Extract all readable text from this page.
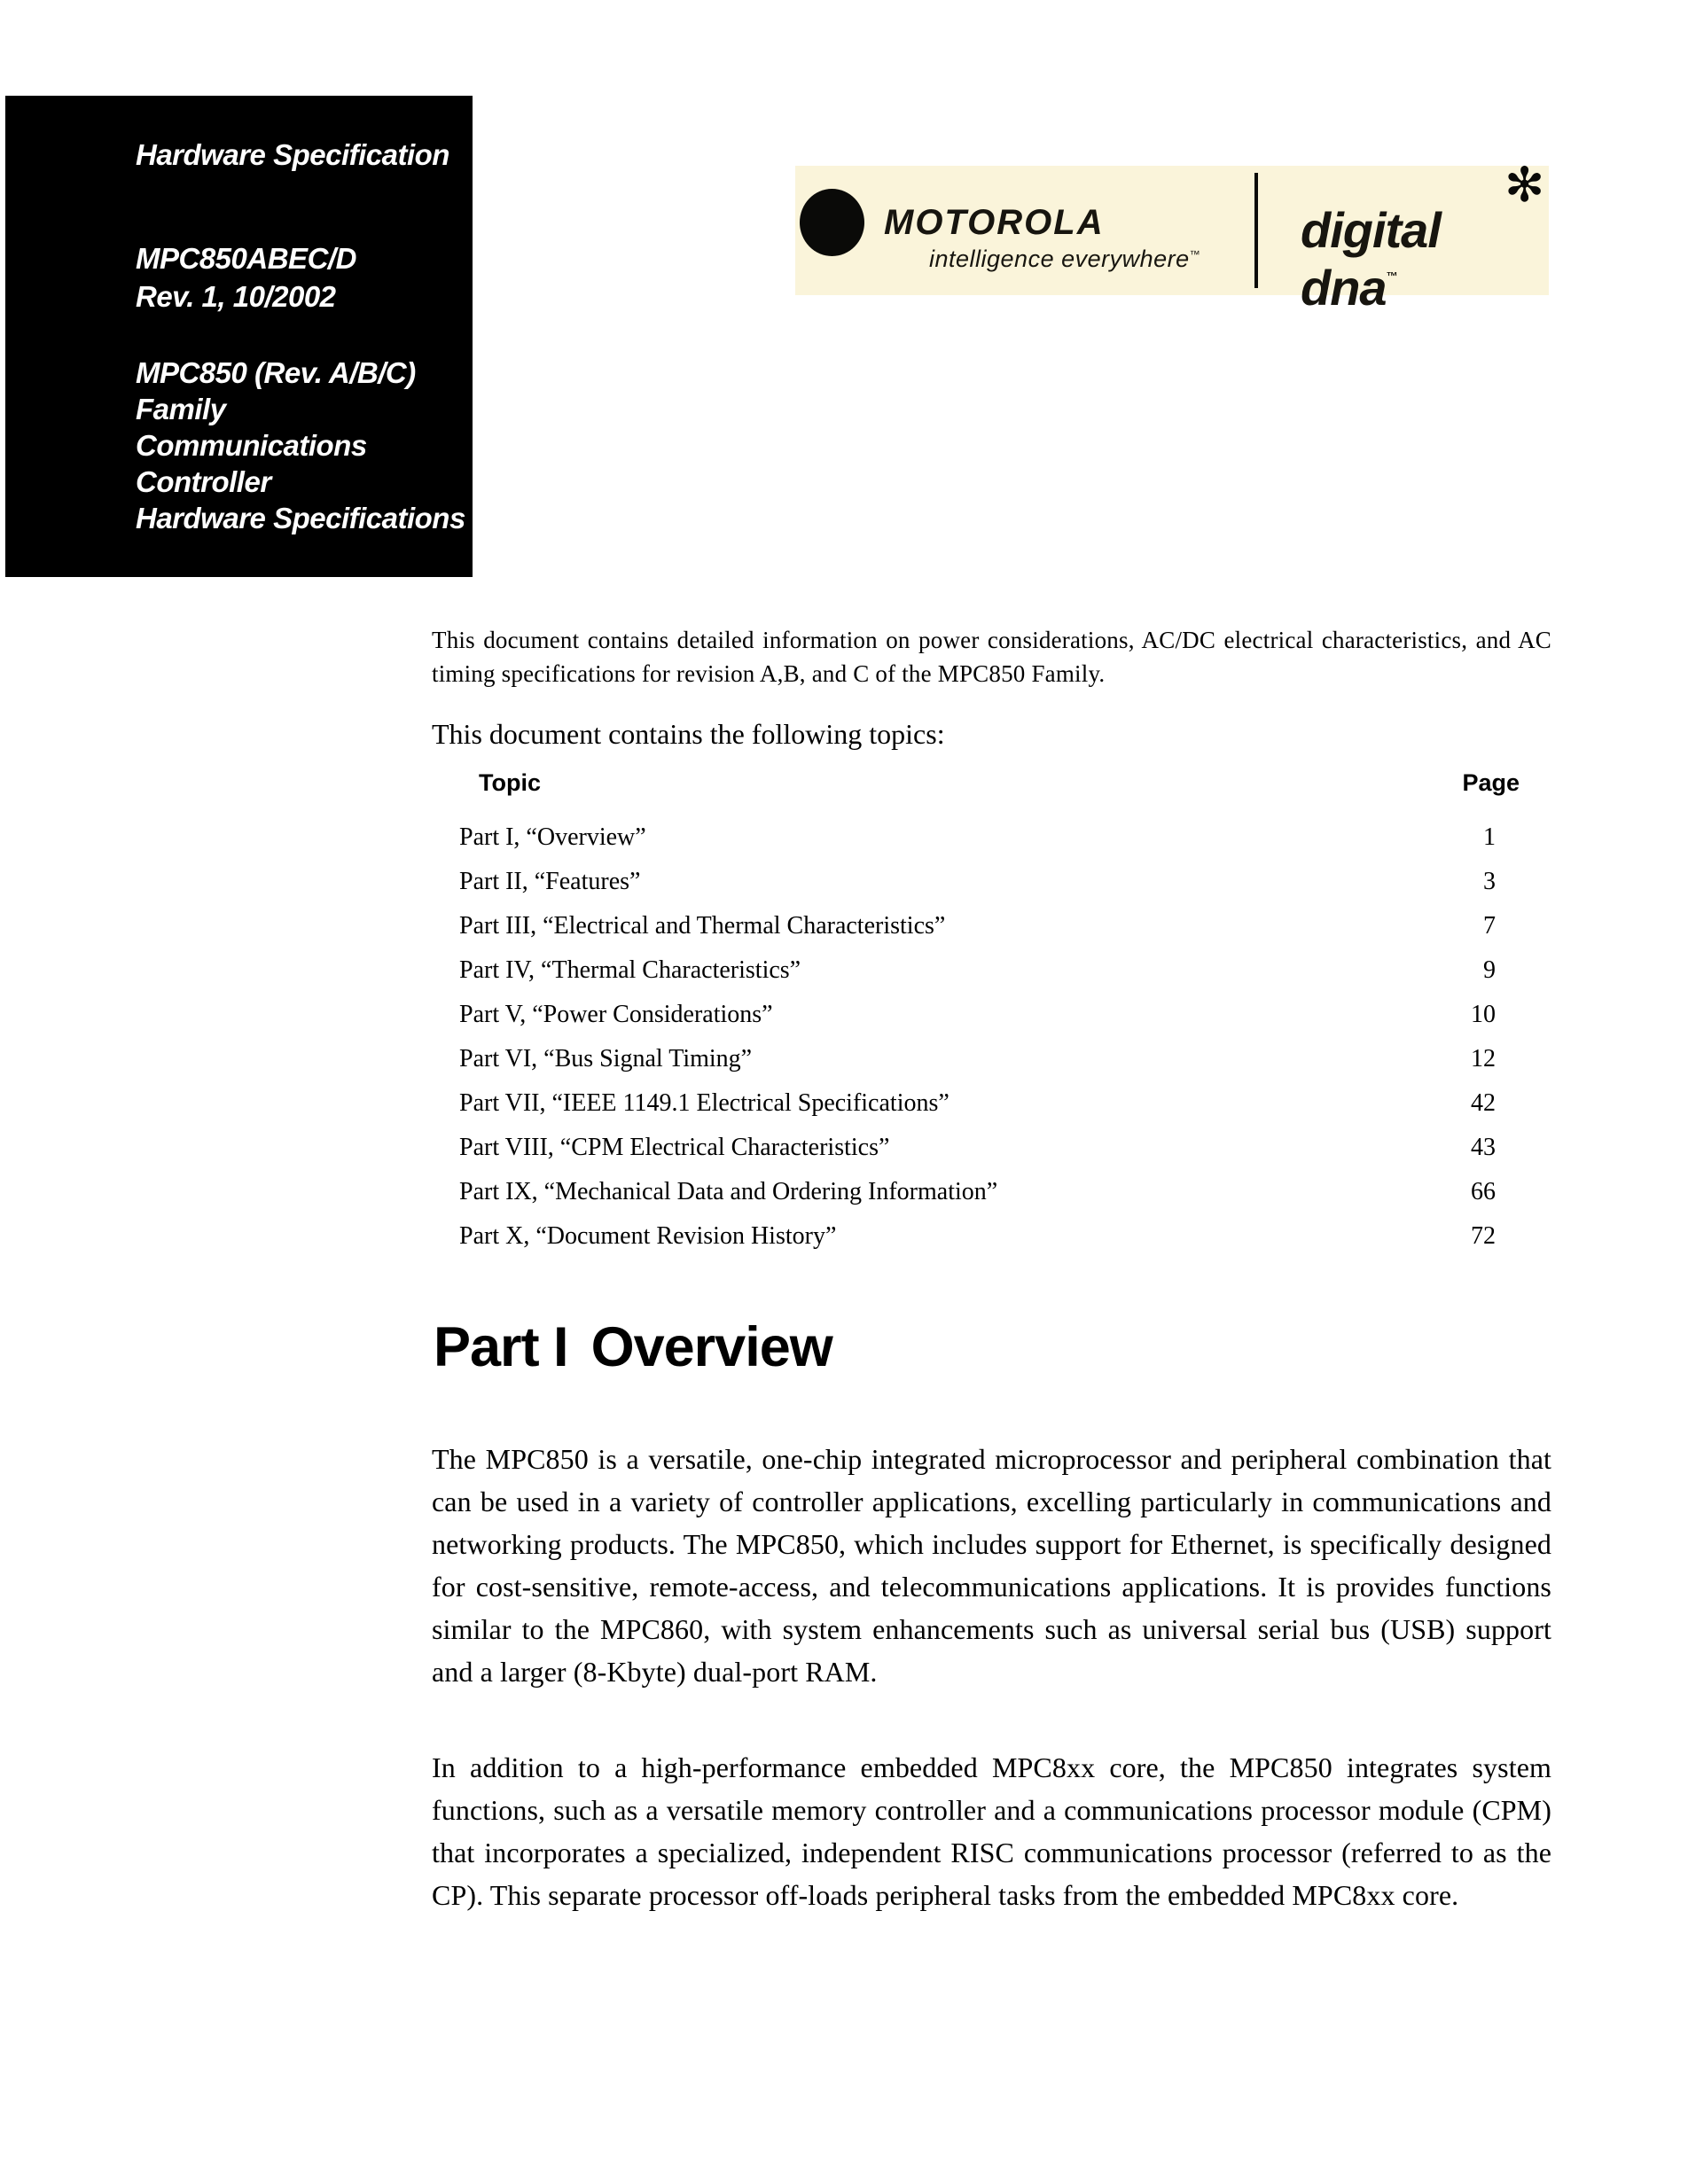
Hardware Specification
MPC850ABEC/D
Rev. 1, 10/2002
MPC850 (Rev. A/B/C) Family
Communications Controller
Hardware Specifications
MOTOROLA
intelligence everywhere™ digital dna™
✻

This document contains detailed information on power considerations, AC/DC electrical characteristics, and AC timing specifications for revision A,B, and C of the MPC850 Family.

This document contains the following topics:

Topic	Page
Part I, “Overview”	1
Part II, “Features”	3
Part III, “Electrical and Thermal Characteristics”	7
Part IV, “Thermal Characteristics”	9
Part V, “Power Considerations”	10
Part VI, “Bus Signal Timing”	12
Part VII, “IEEE 1149.1 Electrical Specifications”	42
Part VIII, “CPM Electrical Characteristics”	43
Part IX, “Mechanical Data and Ordering Information”	66
Part X, “Document Revision History”	72
Part I Overview

The MPC850 is a versatile, one-chip integrated microprocessor and peripheral combination that can be used in a variety of controller applications, excelling particularly in communications and networking products. The MPC850, which includes support for Ethernet, is specifically designed for cost-sensitive, remote-access, and telecommunications applications. It is provides functions similar to the MPC860, with system enhancements such as universal serial bus (USB) support and a larger (8-Kbyte) dual-port RAM.

In addition to a high-performance embedded MPC8xx core, the MPC850 integrates system functions, such as a versatile memory controller and a communications processor module (CPM) that incorporates a specialized, independent RISC communications processor (referred to as the CP). This separate processor off-loads peripheral tasks from the embedded MPC8xx core.
